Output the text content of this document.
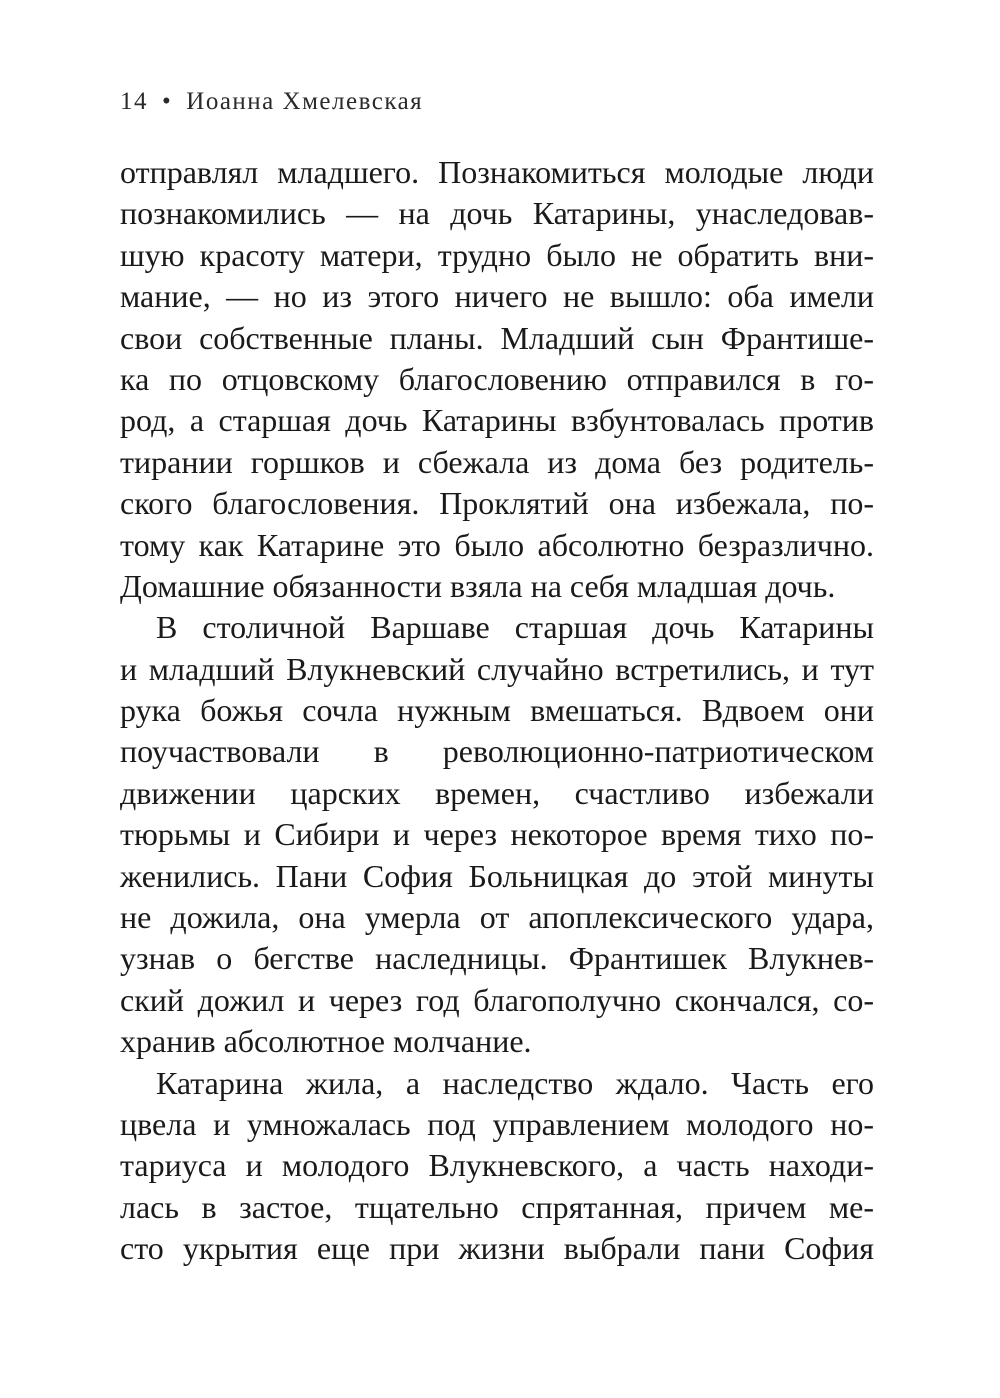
14 • Иоанна Хмелевская
отправлял младшего. Познакомиться молодые люди
познакомились — на дочь Катарины, унаследовав-
шую красоту матери, трудно было не обратить вни-
мание, — но из этого ничего не вышло: оба имели
свои собственные планы. Младший сын Франтише-
ка по отцовскому благословению отправился в го-
род, а старшая дочь Катарины взбунтовалась против
тирании горшков и сбежала из дома без родитель-
ского благословения. Проклятий она избежала, по-
тому как Катарине это было абсолютно безразлично.
Домашние обязанности взяла на себя младшая дочь.
В столичной Варшаве старшая дочь Катарины
и младший Влукневский случайно встретились, и тут
рука божья сочла нужным вмешаться. Вдвоем они
поучаствовали в революционно-патриотическом
движении царских времен, счастливо избежали
тюрьмы и Сибири и через некоторое время тихо по-
женились. Пани София Больницкая до этой минуты
не дожила, она умерла от апоплексического удара,
узнав о бегстве наследницы. Франтишек Влукнев-
ский дожил и через год благополучно скончался, со-
хранив абсолютное молчание.
Катарина жила, а наследство ждало. Часть его
цвела и умножалась под управлением молодого но-
тариуса и молодого Влукневского, а часть находи-
лась в застое, тщательно спрятанная, причем ме-
сто укрытия еще при жизни выбрали пани София
